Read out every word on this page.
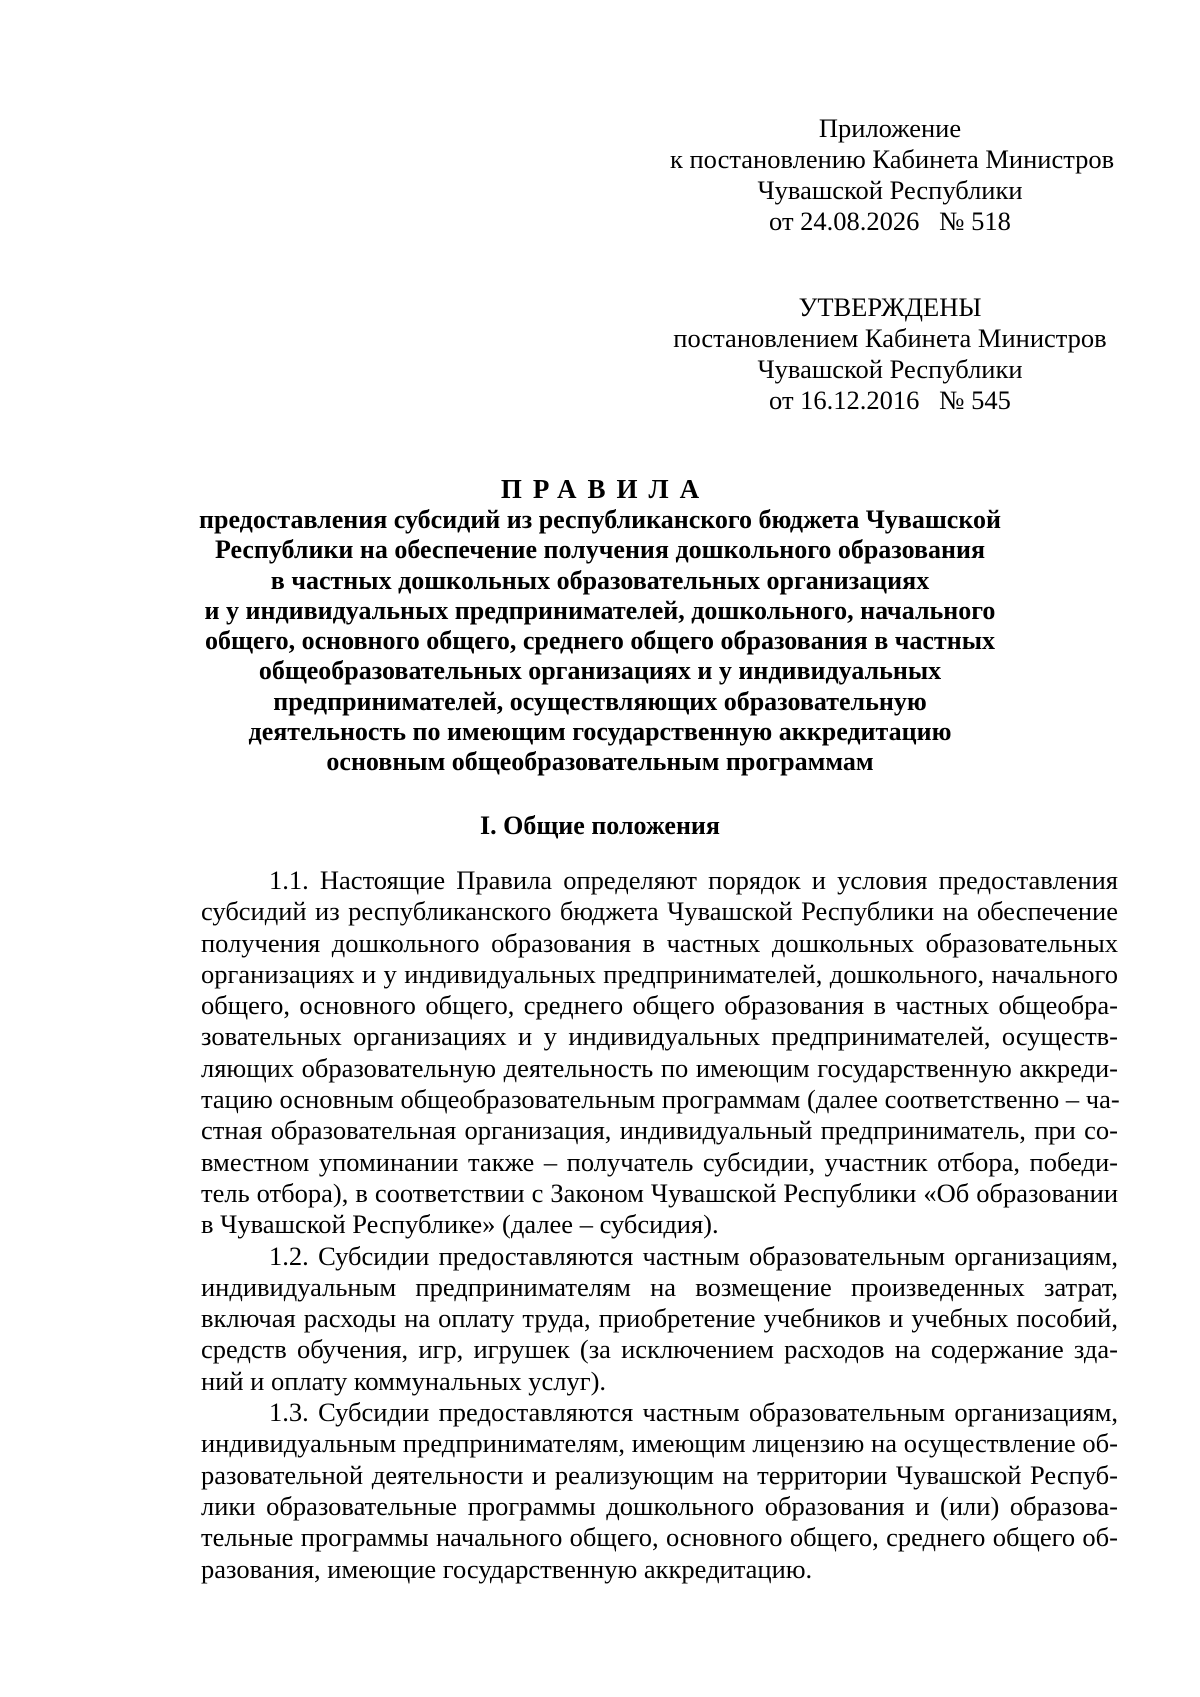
Приложение
к постановлению Кабинета Министров
Чувашской Республики
от 24.08.2026   № 518
УТВЕРЖДЕНЫ
постановлением Кабинета Министров
Чувашской Республики
от 16.12.2016   № 545
ПРАВИЛА
предоставления субсидий из республиканского бюджета Чувашской
Республики на обеспечение получения дошкольного образования
в частных дошкольных образовательных организациях
и у индивидуальных предпринимателей, дошкольного, начального
общего, основного общего, среднего общего образования в частных
общеобразовательных организациях и у индивидуальных
предпринимателей, осуществляющих образовательную
деятельность по имеющим государственную аккредитацию
основным общеобразовательным программам
I. Общие положения
1.1. Настоящие Правила определяют порядок и условия предоставления
субсидий из республиканского бюджета Чувашской Республики на обеспечение
получения дошкольного образования в частных дошкольных образовательных
организациях и у индивидуальных предпринимателей, дошкольного, начального
общего, основного общего, среднего общего образования в частных общеобра-
зовательных организациях и у индивидуальных предпринимателей, осуществ-
ляющих образовательную деятельность по имеющим государственную аккреди-
тацию основным общеобразовательным программам (далее соответственно – ча-
стная образовательная организация, индивидуальный предприниматель, при со-
вместном упоминании также – получатель субсидии, участник отбора, победи-
тель отбора), в соответствии с Законом Чувашской Республики «Об образовании
в Чувашской Республике» (далее – субсидия).
1.2. Субсидии предоставляются частным образовательным организациям,
индивидуальным предпринимателям на возмещение произведенных затрат,
включая расходы на оплату труда, приобретение учебников и учебных пособий,
средств обучения, игр, игрушек (за исключением расходов на содержание зда-
ний и оплату коммунальных услуг).
1.3. Субсидии предоставляются частным образовательным организациям,
индивидуальным предпринимателям, имеющим лицензию на осуществление об-
разовательной деятельности и реализующим на территории Чувашской Респуб-
лики образовательные программы дошкольного образования и (или) образова-
тельные программы начального общего, основного общего, среднего общего об-
разования, имеющие государственную аккредитацию.
